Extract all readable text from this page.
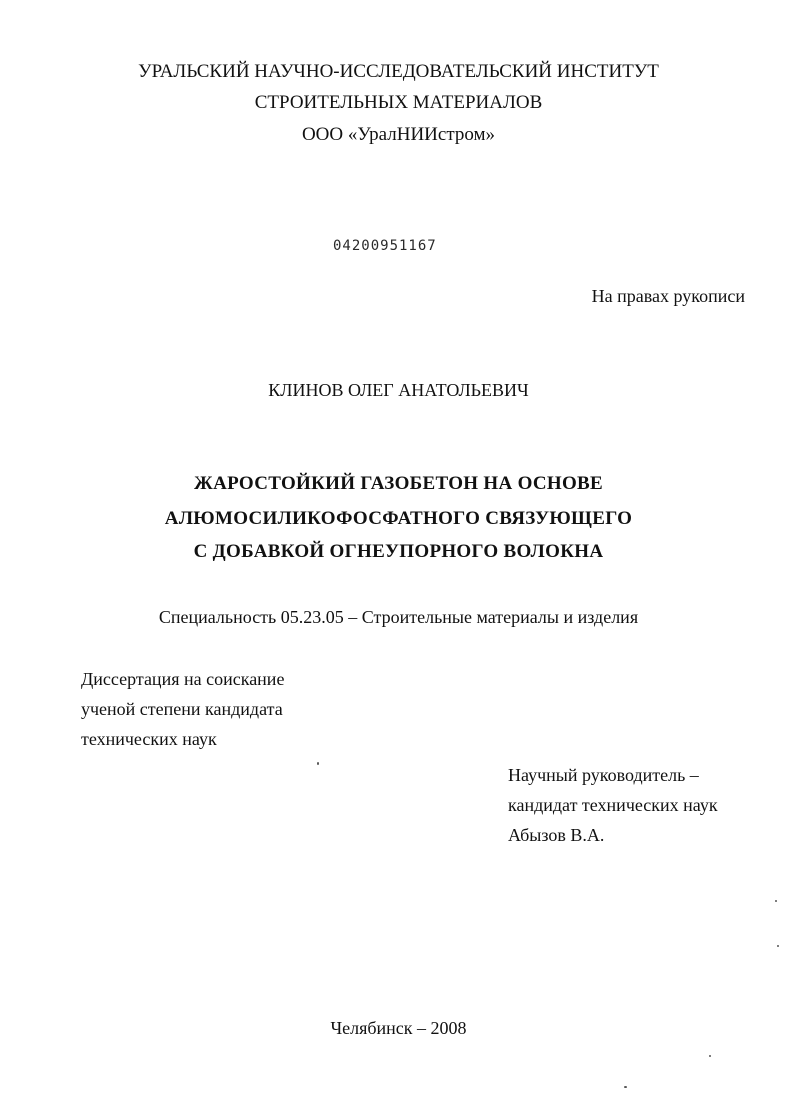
УРАЛЬСКИЙ НАУЧНО-ИССЛЕДОВАТЕЛЬСКИЙ ИНСТИТУТ
СТРОИТЕЛЬНЫХ МАТЕРИАЛОВ
ООО «УралНИИстром»
04200951167
На правах рукописи
КЛИНОВ ОЛЕГ АНАТОЛЬЕВИЧ
ЖАРОСТОЙКИЙ ГАЗОБЕТОН НА ОСНОВЕ
АЛЮМОСИЛИКОФОСФАТНОГО СВЯЗУЮЩЕГО
С ДОБАВКОЙ ОГНЕУПОРНОГО ВОЛОКНА
Специальность 05.23.05 – Строительные материалы и изделия
Диссертация на соискание
ученой степени кандидата
технических наук
Научный руководитель –
кандидат технических наук
Абызов В.А.
Челябинск – 2008
